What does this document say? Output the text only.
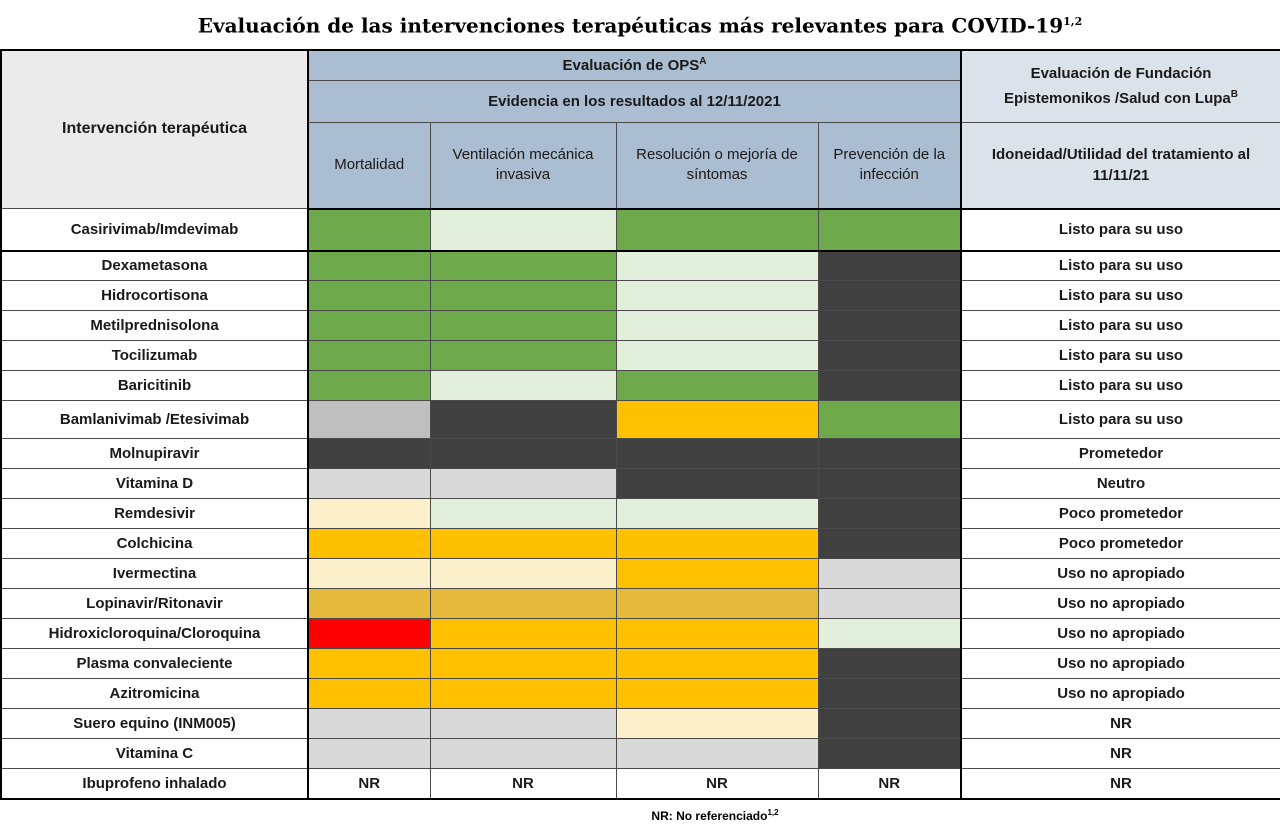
Evaluación de las intervenciones terapéuticas más relevantes para COVID-19$^{1,2}$
Intervención terapéutica	Evaluación de $OPS^A$				Evaluación de Fundación
Epistemonikos /Salud con Lupa$^B$
	Evidencia en los resultados al 12/11/2021				
	Mortalidad	Ventilación mecánica invasiva	Resolución o mejoría de síntomas	Prevención de la infección	Idoneidad/Utilidad del tratamiento al 11/11/21
Casirivimab/Imdevimab					Listo para su uso
Dexametasona					Listo para su uso
Hidrocortisona					Listo para su uso
Metilprednisolona					Listo para su uso
Tocilizumab					Listo para su uso
Baricitinib					Listo para su uso
Bamlanivimab /Etesivimab					Listo para su uso
Molnupiravir					Prometedor
Vitamina D					Neutro
Remdesivir					Poco prometedor
Colchicina					Poco prometedor
Ivermectina					Uso no apropiado
Lopinavir/Ritonavir					Uso no apropiado
Hidroxicloroquina/Cloroquina					Uso no apropiado
Plasma convaleciente					Uso no apropiado
Azitromicina					Uso no apropiado
Suero equino (INM005)					NR
Vitamina C					NR
Ibuprofeno inhalado	NR	NR	NR	NR	NR
NR: No referenciado$^{1,2}$
